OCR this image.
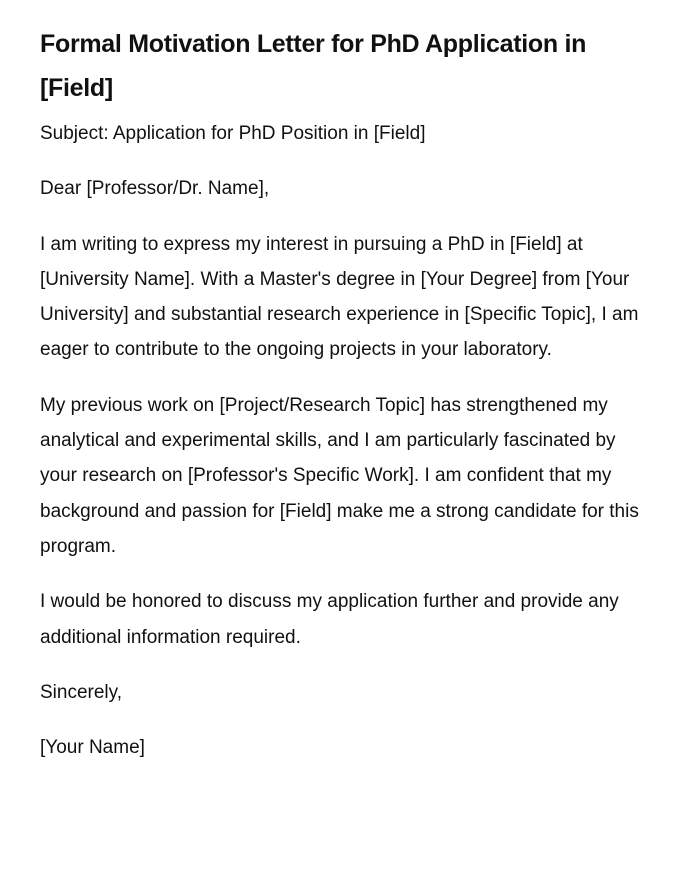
Formal Motivation Letter for PhD Application in [Field]

Subject: Application for PhD Position in [Field]

Dear [Professor/Dr. Name],

I am writing to express my interest in pursuing a PhD in [Field] at [University Name]. With a Master's degree in [Your Degree] from [Your University] and substantial research experience in [Specific Topic], I am eager to contribute to the ongoing projects in your laboratory.

My previous work on [Project/Research Topic] has strengthened my analytical and experimental skills, and I am particularly fascinated by your research on [Professor's Specific Work]. I am confident that my background and passion for [Field] make me a strong candidate for this program.

I would be honored to discuss my application further and provide any additional information required.

Sincerely,

[Your Name]
